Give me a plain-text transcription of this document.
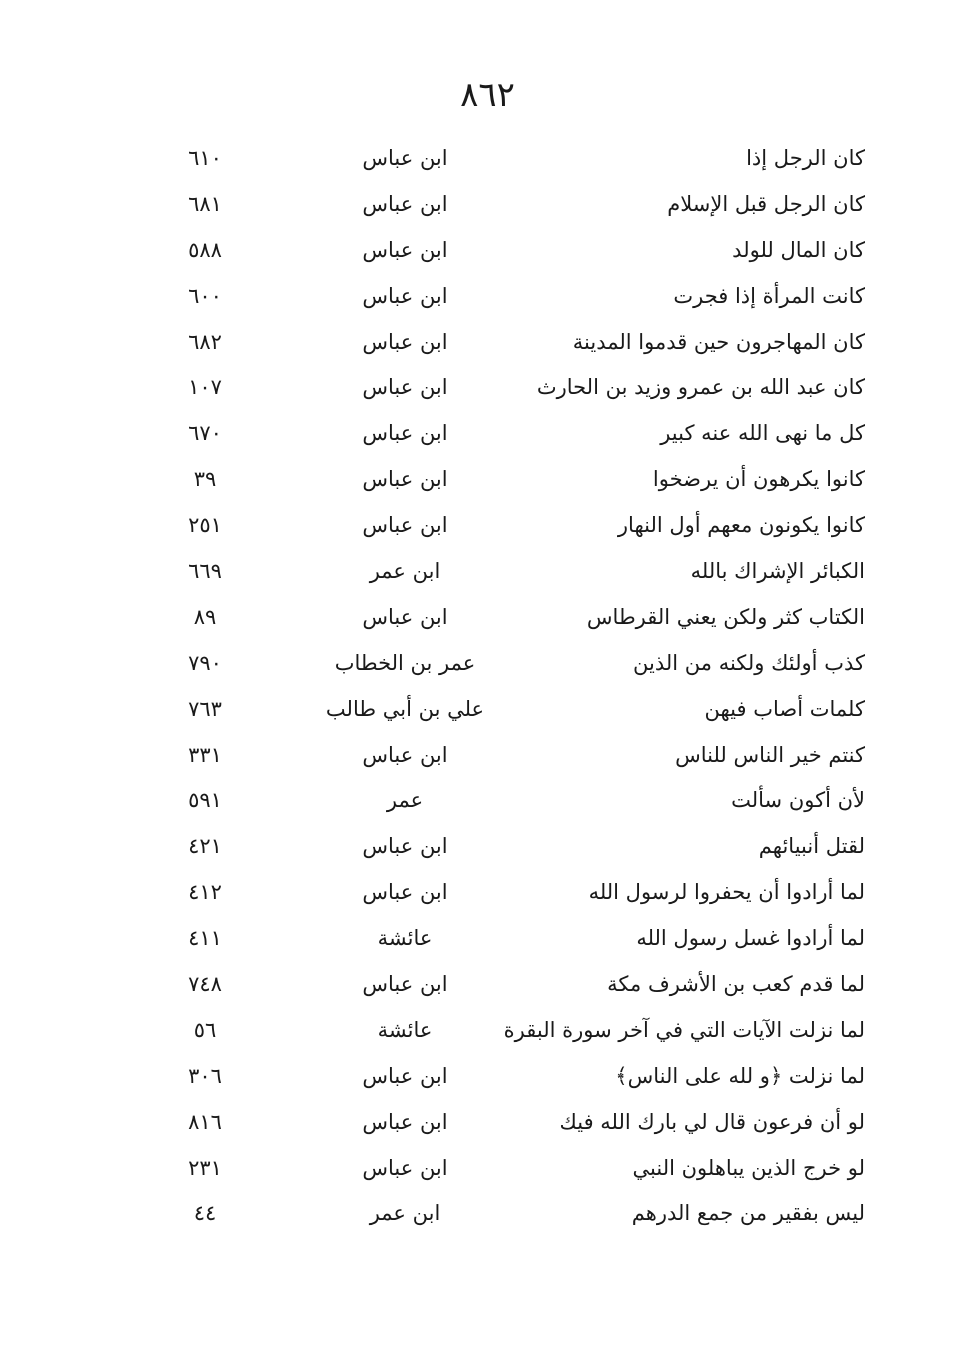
٨٦٢
كان الرجل إذا
ابن عباس
٦١٠
كان الرجل قبل الإسلام
ابن عباس
٦٨١
كان المال للولد
ابن عباس
٥٨٨
كانت المرأة إذا فجرت
ابن عباس
٦٠٠
كان المهاجرون حين قدموا المدينة
ابن عباس
٦٨٢
كان عبد الله بن عمرو وزيد بن الحارث
ابن عباس
١٠٧
كل ما نهى الله عنه كبير
ابن عباس
٦٧٠
كانوا يكرهون أن يرضخوا
ابن عباس
٣٩
كانوا يكونون معهم أول النهار
ابن عباس
٢٥١
الكبائر الإشراك بالله
ابن عمر
٦٦٩
الكتاب كثر ولكن يعني القرطاس
ابن عباس
٨٩
كذب أولئك ولكنه من الذين
عمر بن الخطاب
٧٩٠
كلمات أصاب فيهن
علي بن أبي طالب
٧٦٣
كنتم خير الناس للناس
ابن عباس
٣٣١
لأن أكون سألت
عمر
٥٩١
لقتل أنبيائهم
ابن عباس
٤٢١
لما أرادوا أن يحفروا لرسول الله
ابن عباس
٤١٢
لما أرادوا غسل رسول الله
عائشة
٤١١
لما قدم كعب بن الأشرف مكة
ابن عباس
٧٤٨
لما نزلت الآيات التي في آخر سورة البقرة
عائشة
٥٦
لما نزلت ﴿و لله على الناس﴾
ابن عباس
٣٠٦
لو أن فرعون قال لي بارك الله فيك
ابن عباس
٨١٦
لو خرج الذين يباهلون النبي
ابن عباس
٢٣١
ليس بفقير من جمع الدرهم
ابن عمر
٤٤
